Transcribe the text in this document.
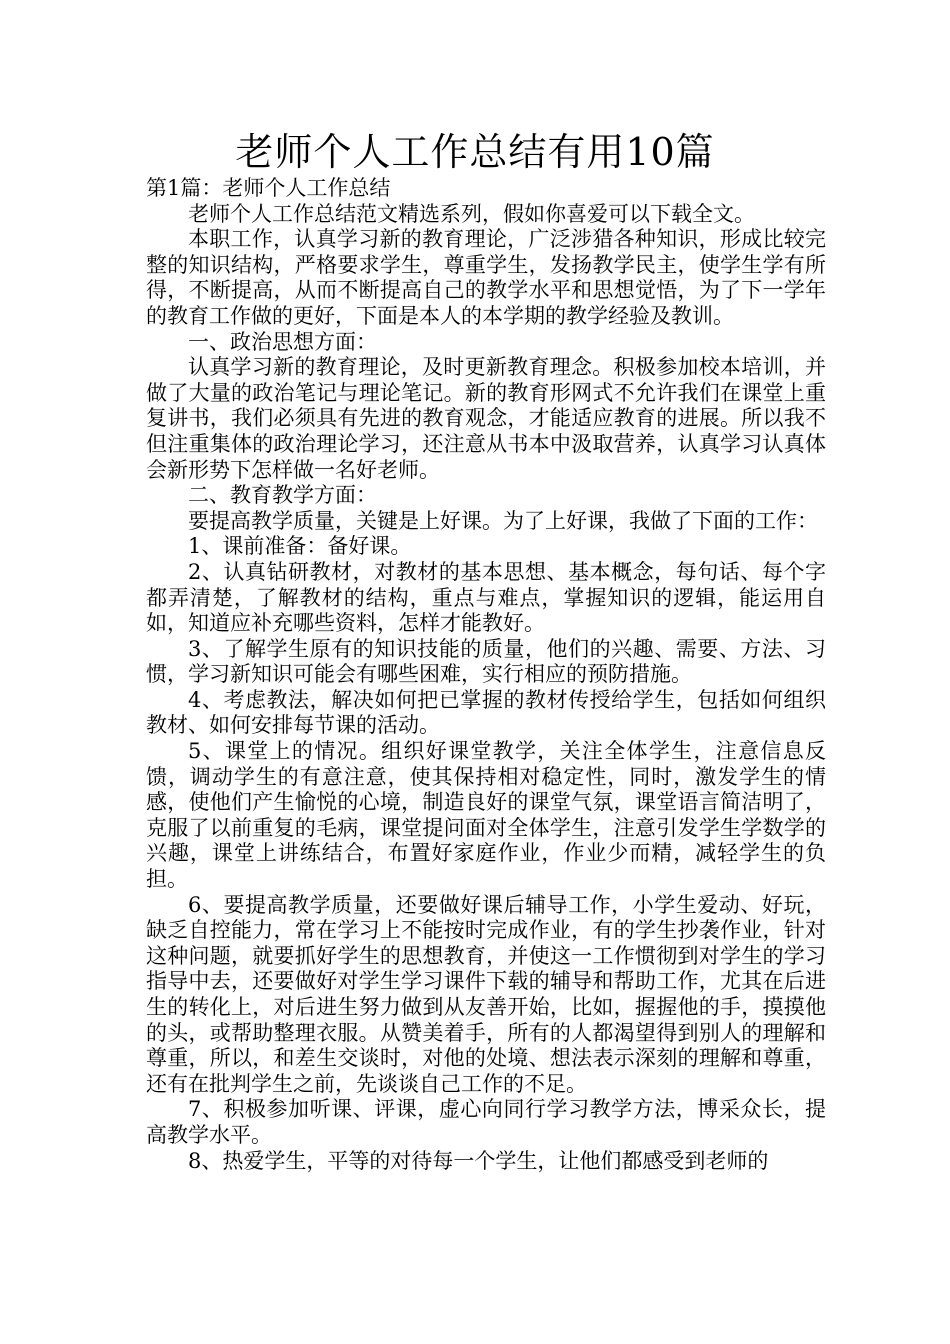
老师个人工作总结有用10篇

第1篇：老师个人工作总结

老师个人工作总结范文精选系列，假如你喜爱可以下载全文。

本职工作，认真学习新的教育理论，广泛涉猎各种知识，形成比较完整的知识结构，严格要求学生，尊重学生，发扬教学民主，使学生学有所得，不断提高，从而不断提高自己的教学水平和思想觉悟，为了下一学年的教育工作做的更好，下面是本人的本学期的教学经验及教训。

一、政治思想方面：

认真学习新的教育理论，及时更新教育理念。积极参加校本培训，并做了大量的政治笔记与理论笔记。新的教育形网式不允许我们在课堂上重复讲书，我们必须具有先进的教育观念，才能适应教育的进展。所以我不但注重集体的政治理论学习，还注意从书本中汲取营养，认真学习认真体会新形势下怎样做一名好老师。

二、教育教学方面：

要提高教学质量，关键是上好课。为了上好课，我做了下面的工作：

1、课前准备：备好课。

2、认真钻研教材，对教材的基本思想、基本概念，每句话、每个字都弄清楚，了解教材的结构，重点与难点，掌握知识的逻辑，能运用自如，知道应补充哪些资料，怎样才能教好。

3、了解学生原有的知识技能的质量，他们的兴趣、需要、方法、习惯，学习新知识可能会有哪些困难，实行相应的预防措施。

4、考虑教法，解决如何把已掌握的教材传授给学生，包括如何组织教材、如何安排每节课的活动。

5、课堂上的情况。组织好课堂教学，关注全体学生，注意信息反馈，调动学生的有意注意，使其保持相对稳定性，同时，激发学生的情感，使他们产生愉悦的心境，制造良好的课堂气氛，课堂语言简洁明了，克服了以前重复的毛病，课堂提问面对全体学生，注意引发学生学数学的兴趣，课堂上讲练结合，布置好家庭作业，作业少而精，减轻学生的负担。

6、要提高教学质量，还要做好课后辅导工作，小学生爱动、好玩，缺乏自控能力，常在学习上不能按时完成作业，有的学生抄袭作业，针对这种问题，就要抓好学生的思想教育，并使这一工作惯彻到对学生的学习指导中去，还要做好对学生学习课件下载的辅导和帮助工作，尤其在后进生的转化上，对后进生努力做到从友善开始，比如，握握他的手，摸摸他的头，或帮助整理衣服。从赞美着手，所有的人都渴望得到别人的理解和尊重，所以，和差生交谈时，对他的处境、想法表示深刻的理解和尊重，还有在批判学生之前，先谈谈自己工作的不足。

7、积极参加听课、评课，虚心向同行学习教学方法，博采众长，提高教学水平。

8、热爱学生，平等的对待每一个学生，让他们都感受到老师的
